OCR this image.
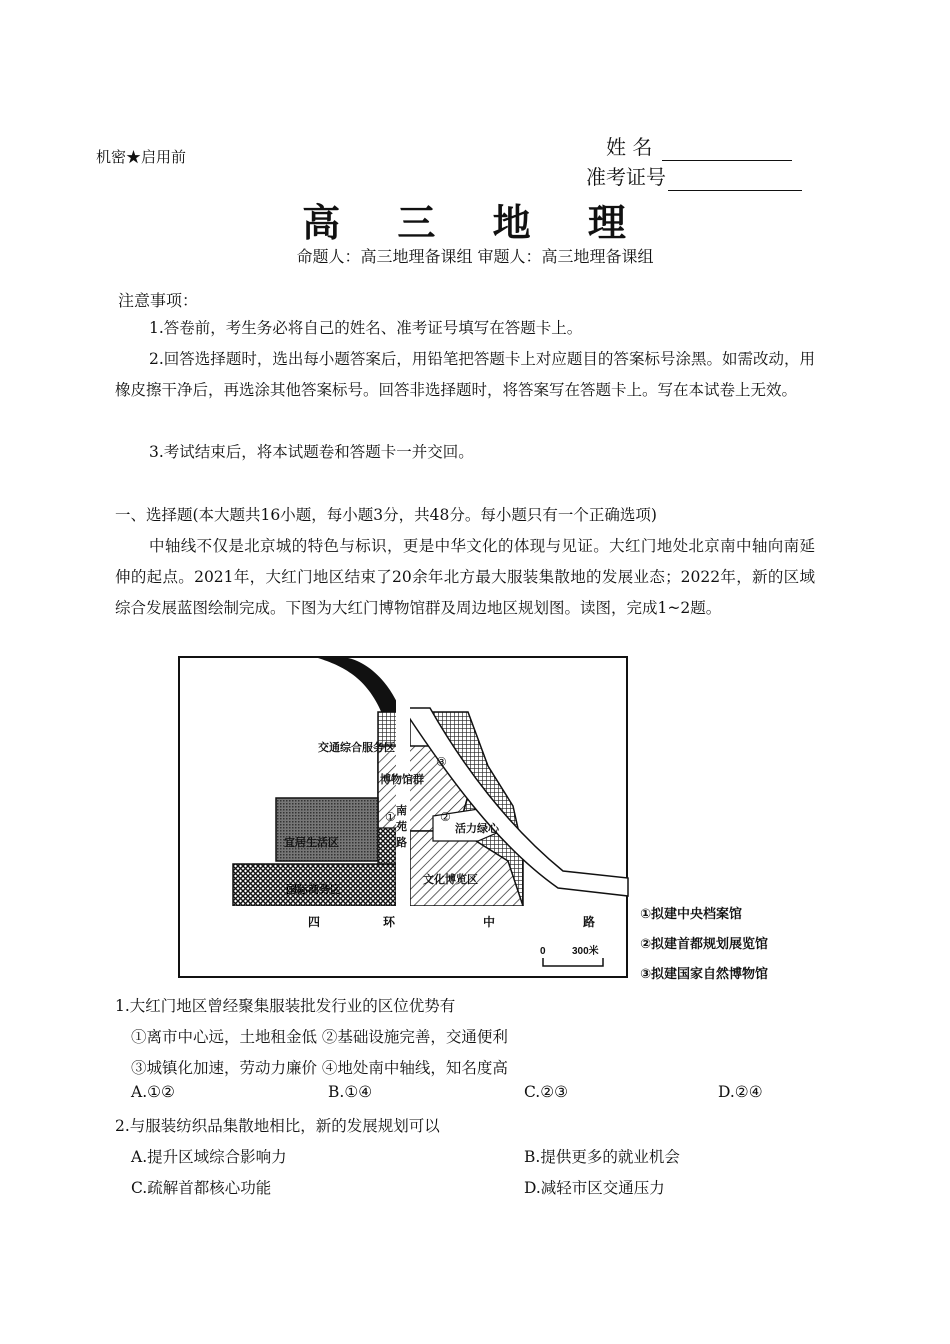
机密★启用前	姓 名
准考证号
高 三 地 理
命题人：高三地理备课组 审题人：高三地理备课组
注意事项：
1.答卷前，考生务必将自己的姓名、准考证号填写在答题卡上。
2.回答选择题时，选出每小题答案后，用铅笔把答题卡上对应题目的答案标号涂黑。如需改动，用橡皮擦干净后，再选涂其他答案标号。回答非选择题时，将答案写在答题卡上。写在本试卷上无效。
3.考试结束后，将本试题卷和答题卡一并交回。
一、选择题(本大题共16小题，每小题3分，共48分。每小题只有一个正确选项)
中轴线不仅是北京城的特色与标识，更是中华文化的体现与见证。大红门地处北京南中轴向南延伸的起点。2021年，大红门地区结束了20余年北方最大服装集散地的发展业态；2022年，新的区域综合发展蓝图绘制完成。下图为大红门博物馆群及周边地区规划图。读图，完成1~2题。
交通综合服务区
博物馆群
南
苑
路
宜居生活区
活力绿心
国际商务区
文化博览区
①	②
③
四	环	中	路
0	300米
①拟建中央档案馆
②拟建首都规划展览馆
③拟建国家自然博物馆
1.大红门地区曾经聚集服装批发行业的区位优势有
①离市中心远，土地租金低 ②基础设施完善，交通便利
③城镇化加速，劳动力廉价 ④地处南中轴线，知名度高
A.①②	B.①④	C.②③	D.②④
2.与服装纺织品集散地相比，新的发展规划可以
A.提升区域综合影响力	B.提供更多的就业机会
C.疏解首都核心功能	D.减轻市区交通压力
